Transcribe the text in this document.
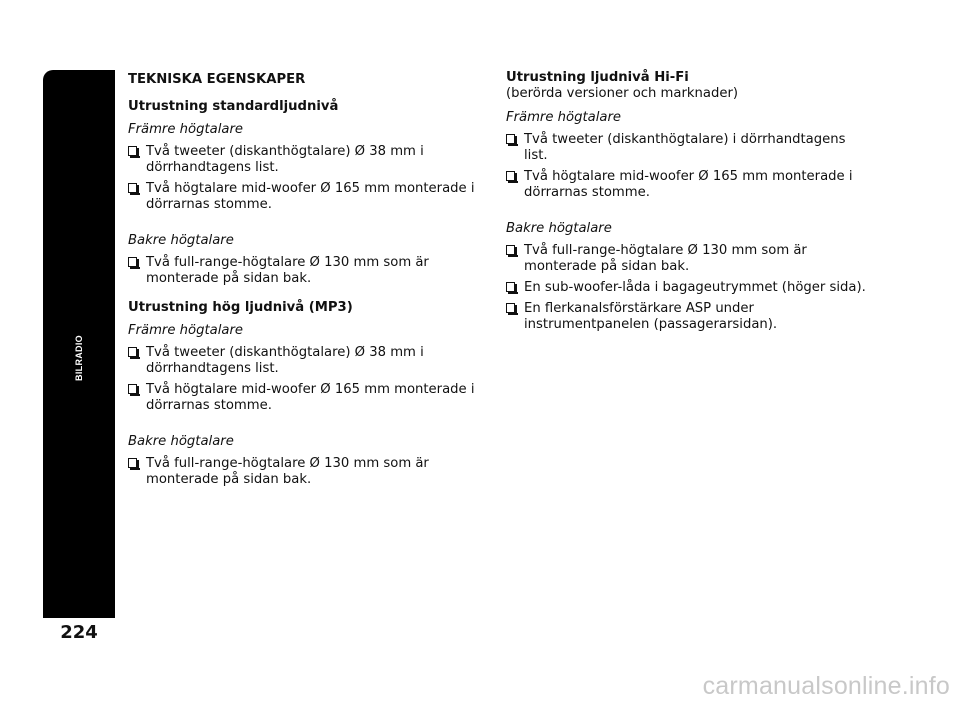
BILRADIO
224
TEKNISKA EGENSKAPER
Utrustning standardljudnivå
Främre högtalare
Två tweeter (diskanthögtalare) Ø 38 mm i dörrhandtagens list.
Två högtalare mid-woofer Ø 165 mm monterade i dörrarnas stomme.
Bakre högtalare
Två full-range-högtalare Ø 130 mm som är monterade på sidan bak.
Utrustning hög ljudnivå (MP3)
Främre högtalare
Två tweeter (diskanthögtalare) Ø 38 mm i dörrhandtagens list.
Två högtalare mid-woofer Ø 165 mm monterade i dörrarnas stomme.
Bakre högtalare
Två full-range-högtalare Ø 130 mm som är monterade på sidan bak.
Utrustning ljudnivå Hi-Fi
(berörda versioner och marknader)
Främre högtalare
Två tweeter (diskanthögtalare) i dörrhandtagens list.
Två högtalare mid-woofer Ø 165 mm monterade i dörrarnas stomme.
Bakre högtalare
Två full-range-högtalare Ø 130 mm som är monterade på sidan bak.
En sub-woofer-låda i bagageutrymmet (höger sida).
En flerkanalsförstärkare ASP under instrumentpanelen (passagerarsidan).
carmanualsonline.info
